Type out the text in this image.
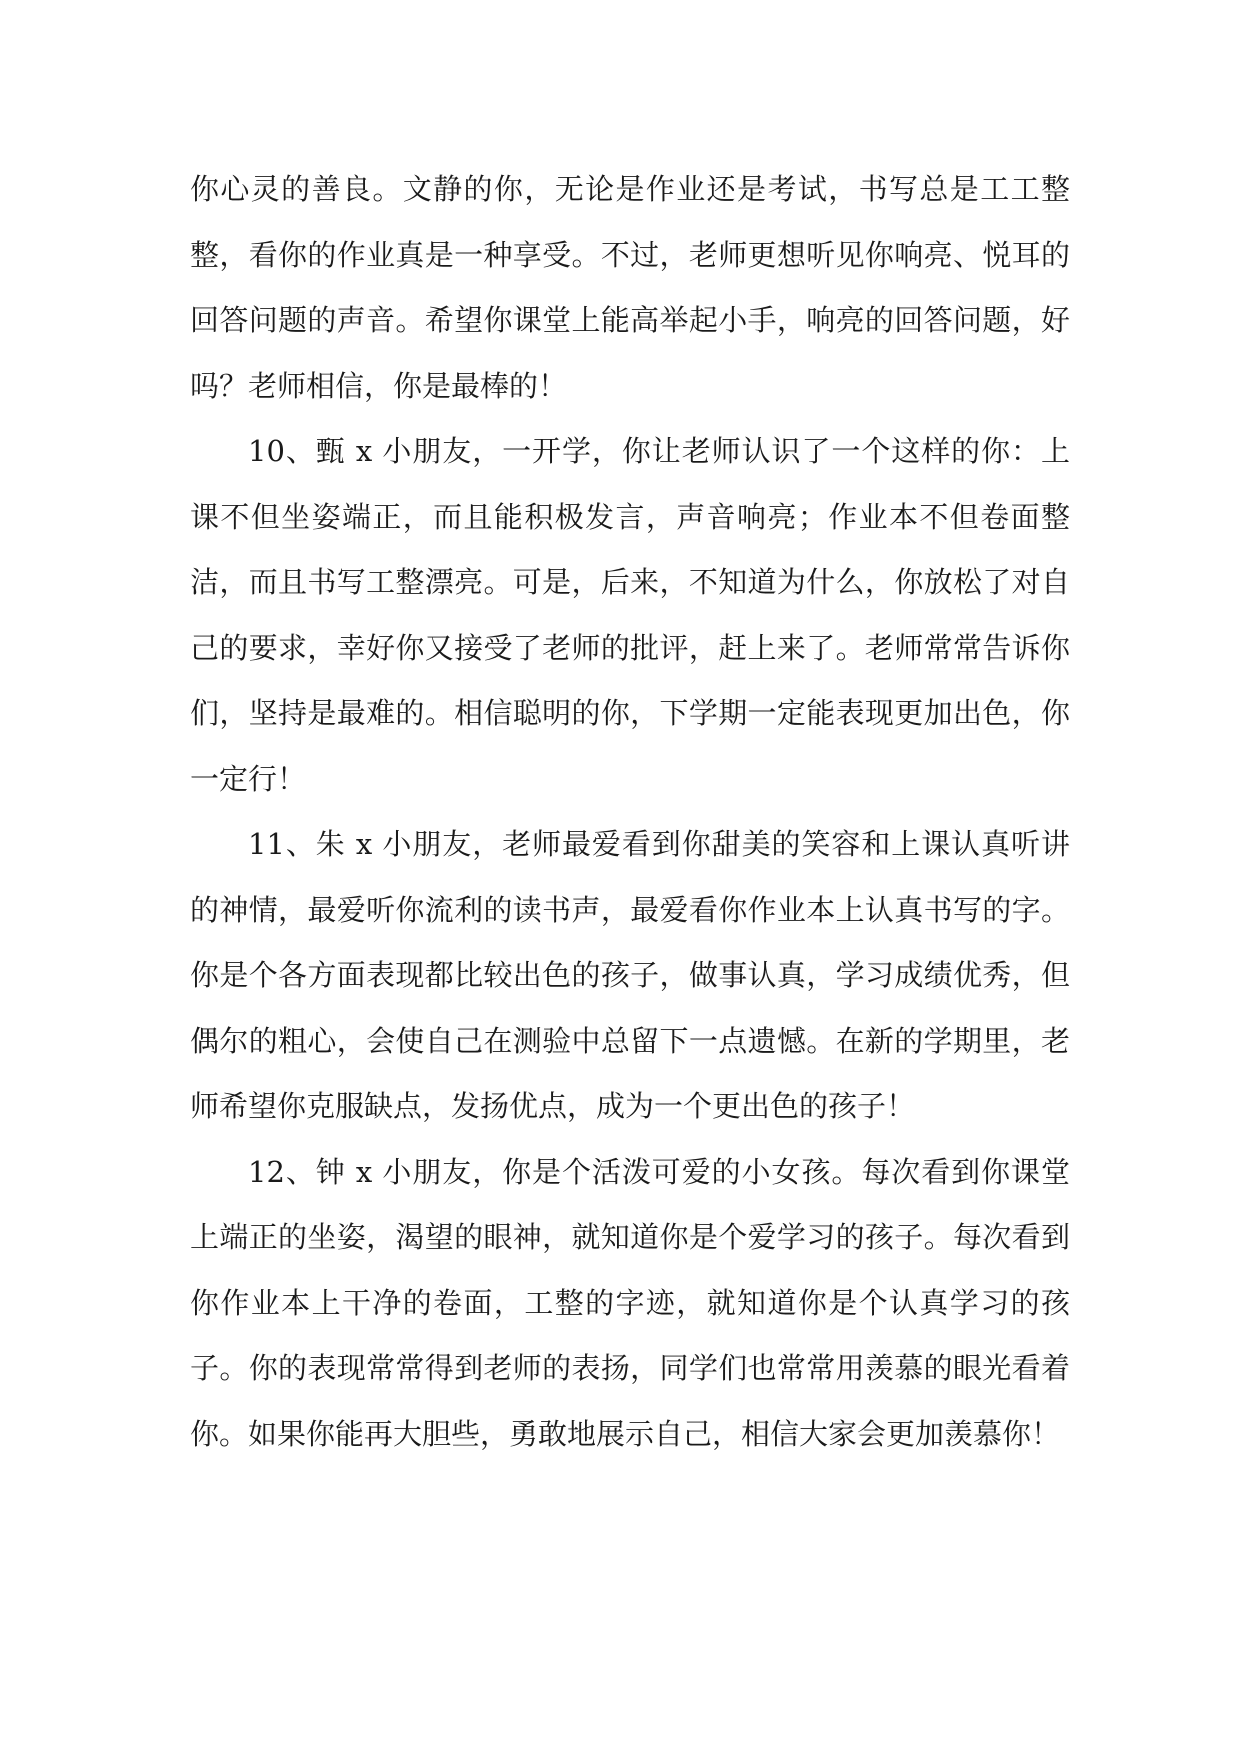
你心灵的善良。文静的你，无论是作业还是考试，书写总是工工整整，看你的作业真是一种享受。不过，老师更想听见你响亮、悦耳的回答问题的声音。希望你课堂上能高举起小手，响亮的回答问题，好吗？老师相信，你是最棒的！

10、甄 x 小朋友，一开学，你让老师认识了一个这样的你：上课不但坐姿端正，而且能积极发言，声音响亮；作业本不但卷面整洁，而且书写工整漂亮。可是，后来，不知道为什么，你放松了对自己的要求，幸好你又接受了老师的批评，赶上来了。老师常常告诉你们，坚持是最难的。相信聪明的你，下学期一定能表现更加出色，你一定行！

11、朱 x 小朋友，老师最爱看到你甜美的笑容和上课认真听讲的神情，最爱听你流利的读书声，最爱看你作业本上认真书写的字。你是个各方面表现都比较出色的孩子，做事认真，学习成绩优秀，但偶尔的粗心，会使自己在测验中总留下一点遗憾。在新的学期里，老师希望你克服缺点，发扬优点，成为一个更出色的孩子！

12、钟 x 小朋友，你是个活泼可爱的小女孩。每次看到你课堂上端正的坐姿，渴望的眼神，就知道你是个爱学习的孩子。每次看到你作业本上干净的卷面，工整的字迹，就知道你是个认真学习的孩子。你的表现常常得到老师的表扬，同学们也常常用羡慕的眼光看着你。如果你能再大胆些，勇敢地展示自己，相信大家会更加羡慕你！
